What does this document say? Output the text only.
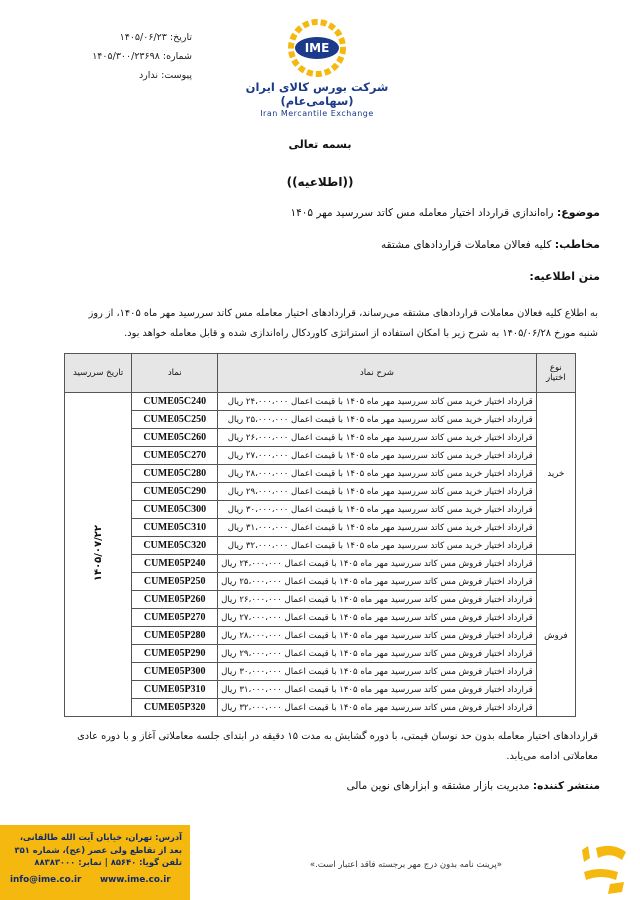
تاریخ: ۱۴۰۵/۰۶/۲۳
شماره: ۱۴۰۵/۳۰۰/۲۳۶۹۸
پیوست: ندارد
IME
شرکت بورس کالای ایران (سهامی‌عام)
Iran Mercantile Exchange
بسمه تعالی
((اطلاعیه))
موضوع: راه‌اندازی قرارداد اختیار معامله مس کاتد سررسید مهر ۱۴۰۵
مخاطب: کلیه فعالان معاملات قراردادهای مشتقه
متن اطلاعیه:
به اطلاع کلیه فعالان معاملات قراردادهای مشتقه می‌رساند، قراردادهای اختیار معامله مس کاتد سررسید مهر ماه ۱۴۰۵، از روز
شنبه مورخ ۱۴۰۵/۰۶/۲۸ به شرح زیر با امکان استفاده از استراتژی کاوردکال راه‌اندازی شده و قابل معامله خواهد بود.
نوع اختیار	شرح نماد	نماد	تاریخ سررسید
خرید	قرارداد اختیار خرید مس کاتد سررسید مهر ماه ۱۴۰۵ با قیمت اعمال ۲۴،۰۰۰،۰۰۰ ریال	CUME05C240	۱۴۰۵/۰۷/۲۲
	قرارداد اختیار خرید مس کاتد سررسید مهر ماه ۱۴۰۵ با قیمت اعمال ۲۵،۰۰۰،۰۰۰ ریال	CUME05C250	
	قرارداد اختیار خرید مس کاتد سررسید مهر ماه ۱۴۰۵ با قیمت اعمال ۲۶،۰۰۰،۰۰۰ ریال	CUME05C260	
	قرارداد اختیار خرید مس کاتد سررسید مهر ماه ۱۴۰۵ با قیمت اعمال ۲۷،۰۰۰،۰۰۰ ریال	CUME05C270	
	قرارداد اختیار خرید مس کاتد سررسید مهر ماه ۱۴۰۵ با قیمت اعمال ۲۸،۰۰۰،۰۰۰ ریال	CUME05C280	
	قرارداد اختیار خرید مس کاتد سررسید مهر ماه ۱۴۰۵ با قیمت اعمال ۲۹،۰۰۰،۰۰۰ ریال	CUME05C290	
	قرارداد اختیار خرید مس کاتد سررسید مهر ماه ۱۴۰۵ با قیمت اعمال ۳۰،۰۰۰،۰۰۰ ریال	CUME05C300	
	قرارداد اختیار خرید مس کاتد سررسید مهر ماه ۱۴۰۵ با قیمت اعمال ۳۱،۰۰۰،۰۰۰ ریال	CUME05C310	
	قرارداد اختیار خرید مس کاتد سررسید مهر ماه ۱۴۰۵ با قیمت اعمال ۳۲،۰۰۰،۰۰۰ ریال	CUME05C320	
فروش	قرارداد اختیار فروش مس کاتد سررسید مهر ماه ۱۴۰۵ با قیمت اعمال ۲۴،۰۰۰،۰۰۰ ریال	CUME05P240	
	قرارداد اختیار فروش مس کاتد سررسید مهر ماه ۱۴۰۵ با قیمت اعمال ۲۵،۰۰۰،۰۰۰ ریال	CUME05P250	
	قرارداد اختیار فروش مس کاتد سررسید مهر ماه ۱۴۰۵ با قیمت اعمال ۲۶،۰۰۰،۰۰۰ ریال	CUME05P260	
	قرارداد اختیار فروش مس کاتد سررسید مهر ماه ۱۴۰۵ با قیمت اعمال ۲۷،۰۰۰،۰۰۰ ریال	CUME05P270	
	قرارداد اختیار فروش مس کاتد سررسید مهر ماه ۱۴۰۵ با قیمت اعمال ۲۸،۰۰۰،۰۰۰ ریال	CUME05P280	
	قرارداد اختیار فروش مس کاتد سررسید مهر ماه ۱۴۰۵ با قیمت اعمال ۲۹،۰۰۰،۰۰۰ ریال	CUME05P290	
	قرارداد اختیار فروش مس کاتد سررسید مهر ماه ۱۴۰۵ با قیمت اعمال ۳۰،۰۰۰،۰۰۰ ریال	CUME05P300	
	قرارداد اختیار فروش مس کاتد سررسید مهر ماه ۱۴۰۵ با قیمت اعمال ۳۱،۰۰۰،۰۰۰ ریال	CUME05P310	
	قرارداد اختیار فروش مس کاتد سررسید مهر ماه ۱۴۰۵ با قیمت اعمال ۳۲،۰۰۰،۰۰۰ ریال	CUME05P320	
قراردادهای اختیار معامله بدون حد نوسان قیمتی، با دوره گشایش به مدت ۱۵ دقیقه در ابتدای جلسه معاملاتی آغاز و با دوره عادی
معاملاتی ادامه می‌یابد.
منتشر کننده: مدیریت بازار مشتقه و ابزارهای نوین مالی
آدرس: تهران، خیابان آیت الله طالقانی،
بعد از تقاطع ولی عصر (عج)، شماره ۳۵۱
تلفن گویا: ۸۵۶۴۰ | نمابر: ۸۸۳۸۳۰۰۰
info@ime.co.ir www.ime.co.ir
«پرینت نامه بدون درج مهر برجسته فاقد اعتبار است.»
